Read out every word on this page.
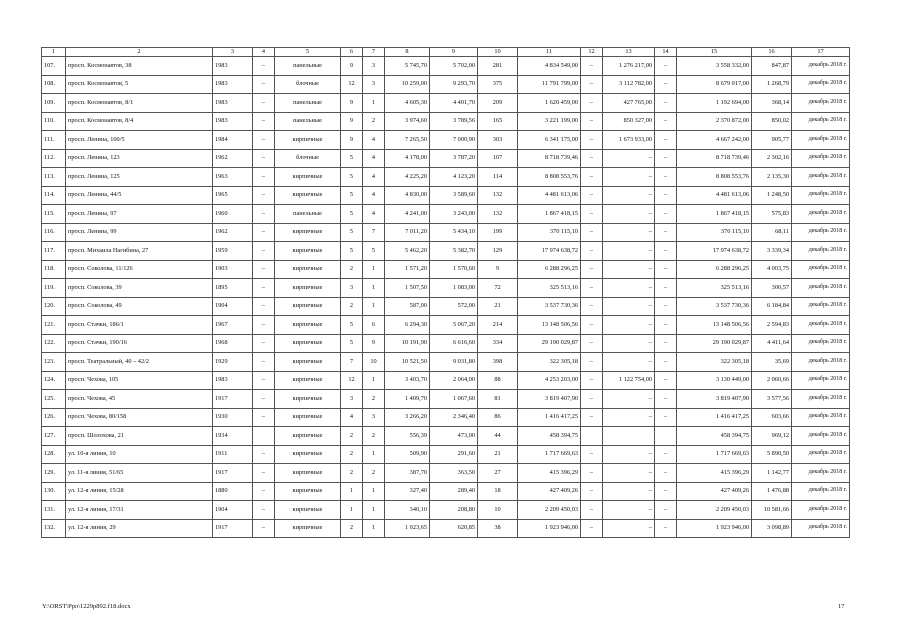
1	2	3	4	5	6	7	8	9	10	11	12	13	14	15	16	17
107.	просп. Космонавтов, 38	1983	–	панельные	9	3	5 745,70	5 702,00	281	4 834 549,00	–	1 276 217,00	–	3 558 332,00	847,87	декабрь 2018 г.
108.	просп. Космонавтов, 5	1983	–	блочные	12	3	10 259,00	9 293,70	375	11 791 799,00	–	3 112 782,00	–	8 679 017,00	1 268,79	декабрь 2018 г.
109.	просп. Космонавтов, 8/1	1983	–	панельные	9	1	4 605,30	4 401,70	209	1 620 459,00	–	427 765,00	–	1 192 694,00	368,14	декабрь 2018 г.
110.	просп. Космонавтов, 8/4	1983	–	панельные	9	2	3 974,60	3 789,56	165	3 221 199,00	–	850 327,00	–	2 370 872,00	850,02	декабрь 2018 г.
111.	просп. Ленина, 100/5	1984	–	кирпичные	9	4	7 265,50	7 000,90	303	6 341 175,00	–	1 673 933,00	–	4 667 242,00	905,77	декабрь 2018 г.
112.	просп. Ленина, 123	1962	–	блочные	5	4	4 178,00	3 787,20	107	8 718 739,46	–	–	–	8 718 739,46	2 302,16	декабрь 2018 г.
113.	просп. Ленина, 125	1963	–	кирпичные	5	4	4 225,20	4 123,20	114	8 808 553,76	–	–	–	8 808 553,76	2 135,30	декабрь 2018 г.
114.	просп. Ленина, 44/5	1965	–	кирпичные	5	4	4 830,00	3 589,60	132	4 481 613,06	–	–	–	4 481 613,06	1 248,50	декабрь 2018 г.
115.	просп. Ленина, 97	1960	–	панельные	5	4	4 241,00	3 243,00	132	1 867 418,15	–	–	–	1 867 418,15	575,83	декабрь 2018 г.
116.	просп. Ленина, 99	1962	–	кирпичные	5	7	7 011,20	5 434,10	199	370 115,10	–	–	–	370 115,10	68,11	декабрь 2018 г.
117.	просп. Михаила Нагибина, 27	1959	–	кирпичные	5	5	5 462,20	5 382,70	129	17 974 638,72	–	–	–	17 974 638,72	3 339,34	декабрь 2018 г.
118.	просп. Соколова, 11/126	1903	–	кирпичные	2	1	1 571,20	1 570,60	9	6 288 296,25	–	–	–	6 288 296,25	4 003,75	декабрь 2018 г.
119.	просп. Соколова, 39	1895	–	кирпичные	3	1	1 507,50	1 083,00	72	325 513,16	–	–	–	325 513,16	300,57	декабрь 2018 г.
120.	просп. Соколова, 49	1904	–	кирпичные	2	1	587,00	572,00	21	3 537 730,36	–	–	–	3 537 730,36	6 184,84	декабрь 2018 г.
121.	просп. Стачки, 186/1	1967	–	кирпичные	5	6	6 294,30	5 067,20	214	13 148 506,56	–	–	–	13 148 506,56	2 594,83	декабрь 2018 г.
122.	просп. Стачки, 190/16	1968	–	кирпичные	5	9	10 191,90	6 616,60	334	29 190 029,87	–	–	–	29 190 029,87	4 411,64	декабрь 2018 г.
123.	просп. Театральный, 40 – 42/2	1929	–	кирпичные	7	10	10 521,50	9 031,80	398	322 305,18	–	–	–	322 305,18	35,69	декабрь 2018 г.
124.	просп. Чехова, 105	1983	–	кирпичные	12	1	3 403,70	2 064,00	88	4 253 203,00	–	1 122 754,00	–	3 130 449,00	2 060,66	декабрь 2018 г.
125.	просп. Чехова, 45	1917	–	кирпичные	3	2	1 409,70	1 067,60	81	3 819 407,90	–	–	–	3 819 407,90	3 577,56	декабрь 2018 г.
126.	просп. Чехова, 80/158	1930	–	кирпичные	4	3	3 266,20	2 346,40	86	1 416 417,25	–	–	–	1 416 417,25	603,66	декабрь 2018 г.
127.	просп. Шолохова, 21	1934		кирпичные	2	2	556,39	473,00	44	458 394,75				458 394,75	969,12	декабрь 2018 г.
128.	ул. 10-я линия, 10	1911	–	кирпичные	2	1	509,90	291,60	21	1 717 669,63	–	–	–	1 717 669,63	5 890,50	декабрь 2018 г.
129.	ул. 11-я линия, 51/65	1917	–	кирпичные	2	2	387,70	363,50	27	415 396,29	–	–	–	415 396,29	1 142,77	декабрь 2018 г.
130.	ул. 12-я линия, 15/28	1880	–	кирпичные	1	1	327,40	289,40	18	427 409,26	–	–	–	427 409,26	1 476,88	декабрь 2018 г.
131.	ул. 12-я линия, 17/31	1904	–	кирпичные	1	1	340,10	208,80	10	2 209 450,03	–	–	–	2 209 450,03	10 581,66	декабрь 2018 г.
132.	ул. 12-я линия, 29	1917	–	кирпичные	2	1	1 023,65	620,85	38	1 923 946,00	–	–	–	1 923 946,00	3 098,89	декабрь 2018 г.
Y:\ORST\Ppo\1229p892.f18.docx	17
